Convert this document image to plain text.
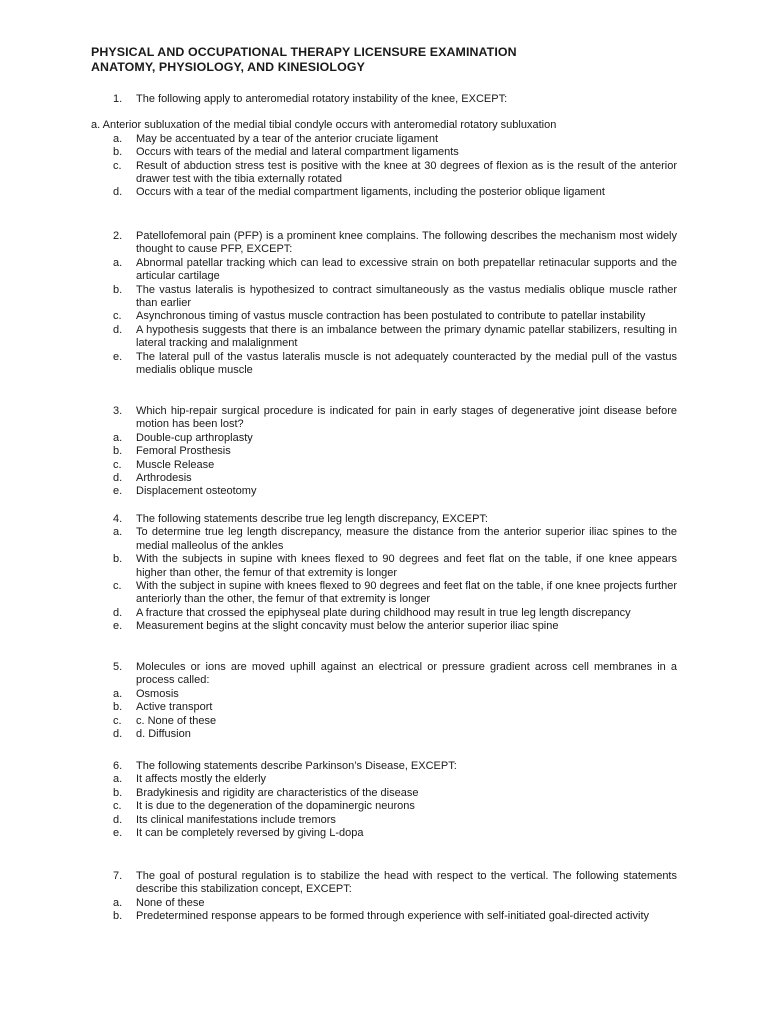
PHYSICAL AND OCCUPATIONAL THERAPY LICENSURE EXAMINATION
ANATOMY, PHYSIOLOGY, AND KINESIOLOGY
1. The following apply to anteromedial rotatory instability of the knee, EXCEPT:
a. Anterior subluxation of the medial tibial condyle occurs with anteromedial rotatory subluxation
a. May be accentuated by a tear of the anterior cruciate ligament
b. Occurs with tears of the medial and lateral compartment ligaments
c. Result of abduction stress test is positive with the knee at 30 degrees of flexion as is the result of the anterior drawer test with the tibia externally rotated
d. Occurs with a tear of the medial compartment ligaments, including the posterior oblique ligament
2. Patellofemoral pain (PFP) is a prominent knee complains. The following describes the mechanism most widely thought to cause PFP, EXCEPT:
a. Abnormal patellar tracking which can lead to excessive strain on both prepatellar retinacular supports and the articular cartilage
b. The vastus lateralis is hypothesized to contract simultaneously as the vastus medialis oblique muscle rather than earlier
c. Asynchronous timing of vastus muscle contraction has been postulated to contribute to patellar instability
d. A hypothesis suggests that there is an imbalance between the primary dynamic patellar stabilizers, resulting in lateral tracking and malalignment
e. The lateral pull of the vastus lateralis muscle is not adequately counteracted by the medial pull of the vastus medialis oblique muscle
3. Which hip-repair surgical procedure is indicated for pain in early stages of degenerative joint disease before motion has been lost?
a. Double-cup arthroplasty
b. Femoral Prosthesis
c. Muscle Release
d. Arthrodesis
e. Displacement osteotomy
4. The following statements describe true leg length discrepancy, EXCEPT:
a. To determine true leg length discrepancy, measure the distance from the anterior superior iliac spines to the medial malleolus of the ankles
b. With the subjects in supine with knees flexed to 90 degrees and feet flat on the table, if one knee appears higher than other, the femur of that extremity is longer
c. With the subject in supine with knees flexed to 90 degrees and feet flat on the table, if one knee projects further anteriorly than the other, the femur of that extremity is longer
d. A fracture that crossed the epiphyseal plate during childhood may result in true leg length discrepancy
e. Measurement begins at the slight concavity must below the anterior superior iliac spine
5. Molecules or ions are moved uphill against an electrical or pressure gradient across cell membranes in a process called:
a. Osmosis
b. Active transport
c. c. None of these
d. d. Diffusion
6. The following statements describe Parkinson’s Disease, EXCEPT:
a. It affects mostly the elderly
b. Bradykinesis and rigidity are characteristics of the disease
c. It is due to the degeneration of the dopaminergic neurons
d. Its clinical manifestations include tremors
e. It can be completely reversed by giving L-dopa
7. The goal of postural regulation is to stabilize the head with respect to the vertical. The following statements describe this stabilization concept, EXCEPT:
a. None of these
b. Predetermined response appears to be formed through experience with self-initiated goal-directed activity
